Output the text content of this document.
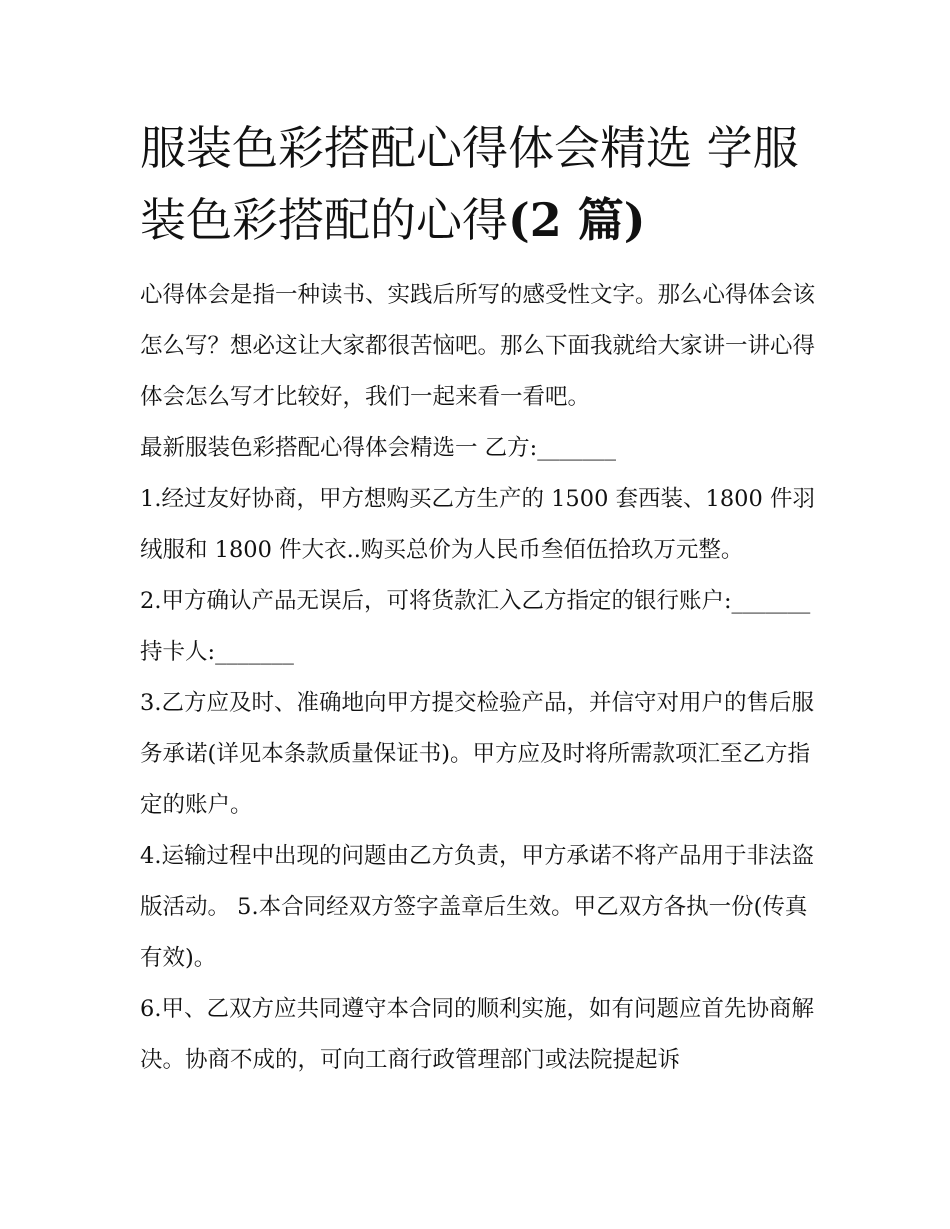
服装色彩搭配心得体会精选 学服装色彩搭配的心得(2 篇)

心得体会是指一种读书、实践后所写的感受性文字。那么心得体会该怎么写？想必这让大家都很苦恼吧。那么下面我就给大家讲一讲心得体会怎么写才比较好，我们一起来看一看吧。

最新服装色彩搭配心得体会精选一 乙方:_______

1.经过友好协商，甲方想购买乙方生产的 1500 套西装、1800 件羽绒服和 1800 件大衣..购买总价为人民币叁佰伍拾玖万元整。

2.甲方确认产品无误后，可将货款汇入乙方指定的银行账户:_______持卡人:_______

3.乙方应及时、准确地向甲方提交检验产品，并信守对用户的售后服务承诺(详见本条款质量保证书)。甲方应及时将所需款项汇至乙方指定的账户。

4.运输过程中出现的问题由乙方负责，甲方承诺不将产品用于非法盗版活动。 5.本合同经双方签字盖章后生效。甲乙双方各执一份(传真有效)。

6.甲、乙双方应共同遵守本合同的顺利实施，如有问题应首先协商解决。协商不成的，可向工商行政管理部门或法院提起诉
